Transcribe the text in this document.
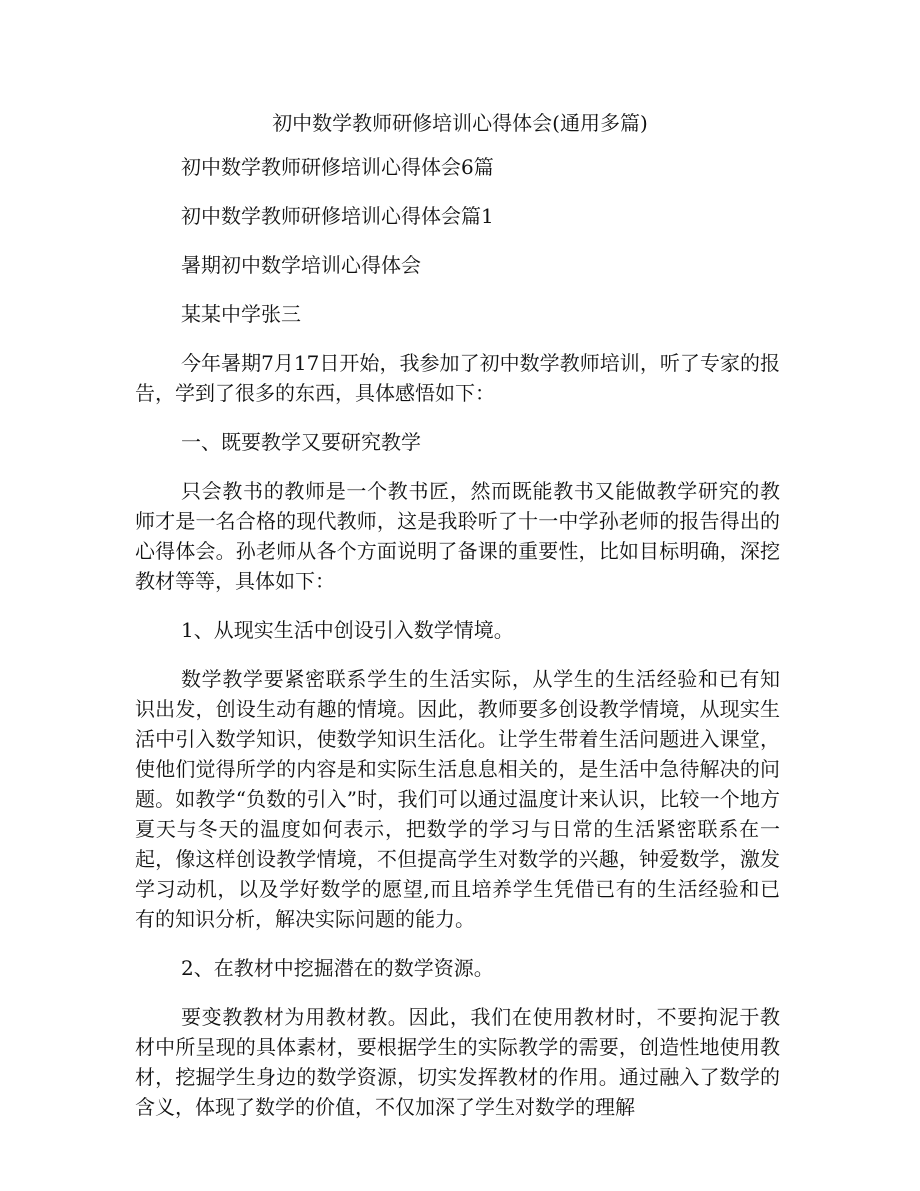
初中数学教师研修培训心得体会(通用多篇)

初中数学教师研修培训心得体会6篇

初中数学教师研修培训心得体会篇1

暑期初中数学培训心得体会

某某中学张三

今年暑期7月17日开始，我参加了初中数学教师培训，听了专家的报告，学到了很多的东西，具体感悟如下：

一、既要教学又要研究教学

只会教书的教师是一个教书匠，然而既能教书又能做教学研究的教师才是一名合格的现代教师，这是我聆听了十一中学孙老师的报告得出的心得体会。孙老师从各个方面说明了备课的重要性，比如目标明确，深挖教材等等，具体如下：

1、从现实生活中创设引入数学情境。

数学教学要紧密联系学生的生活实际，从学生的生活经验和已有知识出发，创设生动有趣的情境。因此，教师要多创设教学情境，从现实生活中引入数学知识，使数学知识生活化。让学生带着生活问题进入课堂，使他们觉得所学的内容是和实际生活息息相关的，是生活中急待解决的问题。如教学“负数的引入”时，我们可以通过温度计来认识，比较一个地方夏天与冬天的温度如何表示，把数学的学习与日常的生活紧密联系在一起，像这样创设教学情境，不但提高学生对数学的兴趣，钟爱数学，激发学习动机，以及学好数学的愿望,而且培养学生凭借已有的生活经验和已有的知识分析，解决实际问题的能力。

2、在教材中挖掘潜在的数学资源。

要变教教材为用教材教。因此，我们在使用教材时，不要拘泥于教材中所呈现的具体素材，要根据学生的实际教学的需要，创造性地使用教材，挖掘学生身边的数学资源，切实发挥教材的作用。通过融入了数学的含义，体现了数学的价值，不仅加深了学生对数学的理解
